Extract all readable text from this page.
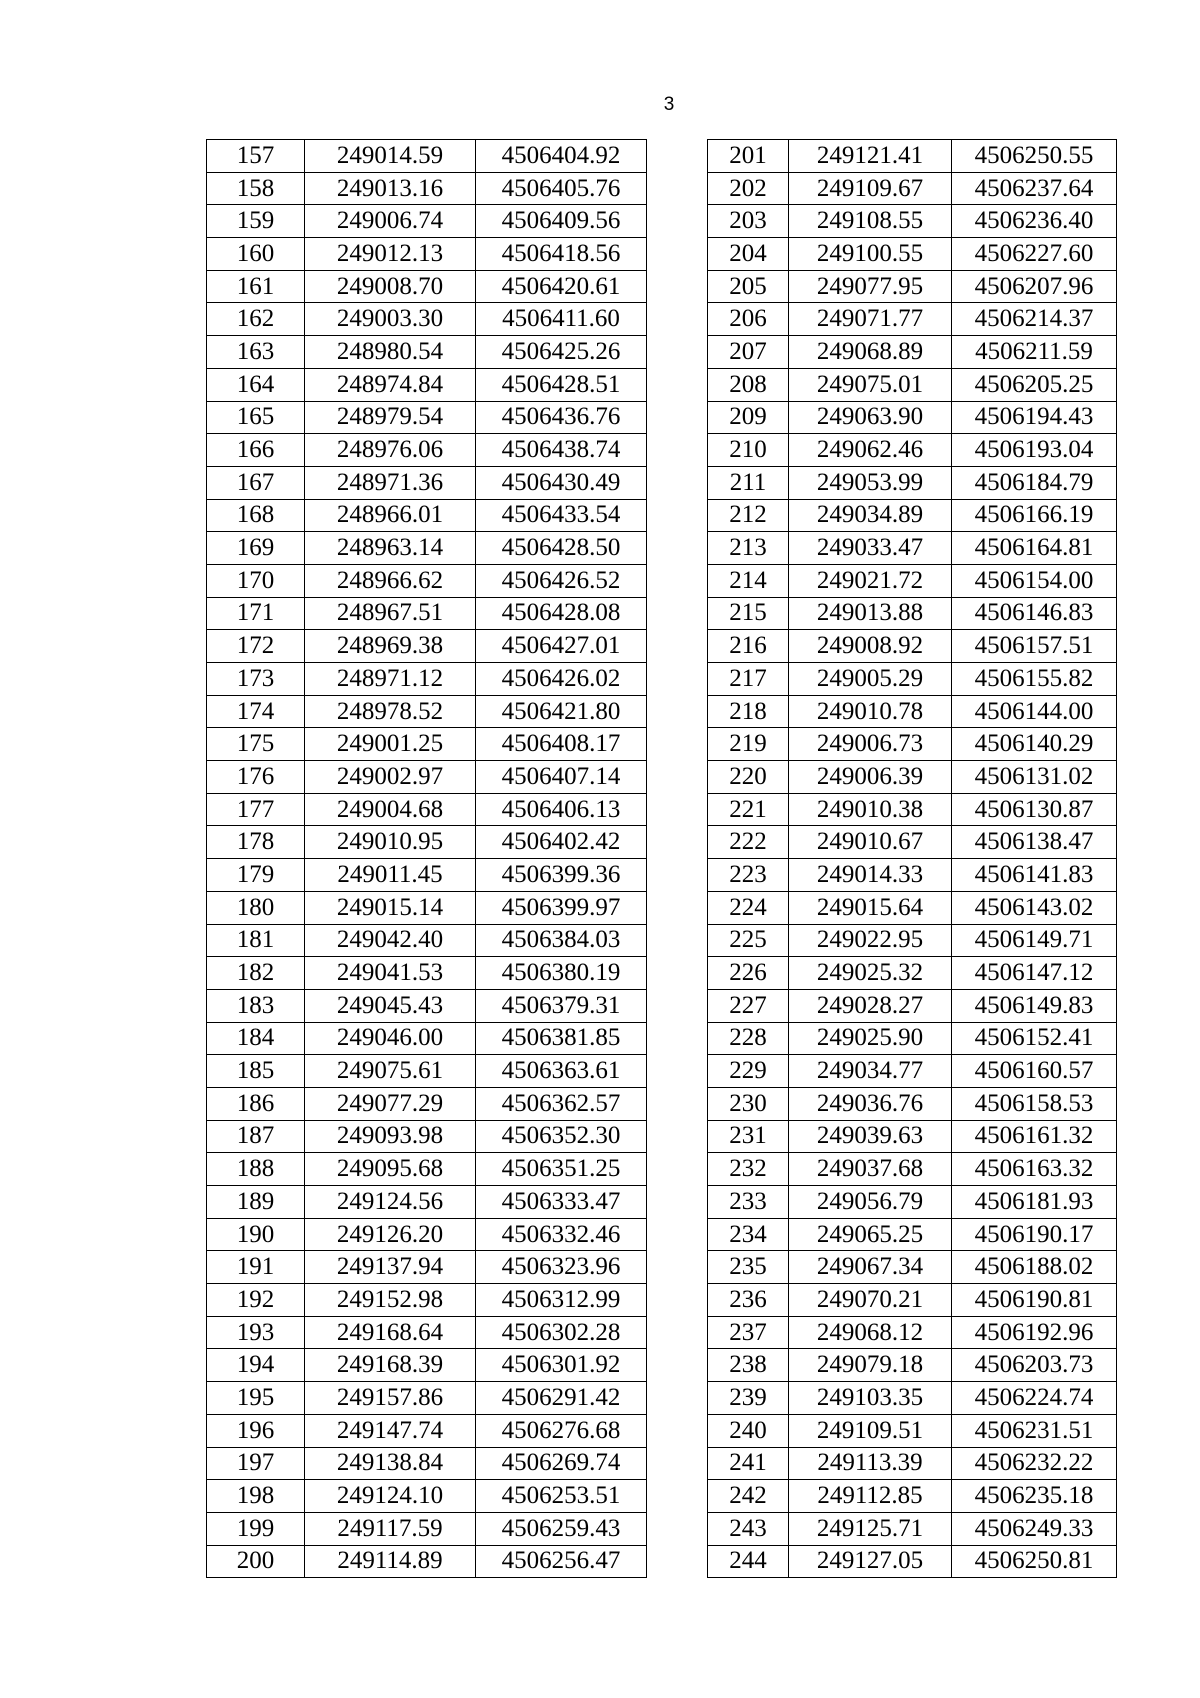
3
157	249014.59	4506404.92
158	249013.16	4506405.76
159	249006.74	4506409.56
160	249012.13	4506418.56
161	249008.70	4506420.61
162	249003.30	4506411.60
163	248980.54	4506425.26
164	248974.84	4506428.51
165	248979.54	4506436.76
166	248976.06	4506438.74
167	248971.36	4506430.49
168	248966.01	4506433.54
169	248963.14	4506428.50
170	248966.62	4506426.52
171	248967.51	4506428.08
172	248969.38	4506427.01
173	248971.12	4506426.02
174	248978.52	4506421.80
175	249001.25	4506408.17
176	249002.97	4506407.14
177	249004.68	4506406.13
178	249010.95	4506402.42
179	249011.45	4506399.36
180	249015.14	4506399.97
181	249042.40	4506384.03
182	249041.53	4506380.19
183	249045.43	4506379.31
184	249046.00	4506381.85
185	249075.61	4506363.61
186	249077.29	4506362.57
187	249093.98	4506352.30
188	249095.68	4506351.25
189	249124.56	4506333.47
190	249126.20	4506332.46
191	249137.94	4506323.96
192	249152.98	4506312.99
193	249168.64	4506302.28
194	249168.39	4506301.92
195	249157.86	4506291.42
196	249147.74	4506276.68
197	249138.84	4506269.74
198	249124.10	4506253.51
199	249117.59	4506259.43
200	249114.89	4506256.47
201	249121.41	4506250.55
202	249109.67	4506237.64
203	249108.55	4506236.40
204	249100.55	4506227.60
205	249077.95	4506207.96
206	249071.77	4506214.37
207	249068.89	4506211.59
208	249075.01	4506205.25
209	249063.90	4506194.43
210	249062.46	4506193.04
211	249053.99	4506184.79
212	249034.89	4506166.19
213	249033.47	4506164.81
214	249021.72	4506154.00
215	249013.88	4506146.83
216	249008.92	4506157.51
217	249005.29	4506155.82
218	249010.78	4506144.00
219	249006.73	4506140.29
220	249006.39	4506131.02
221	249010.38	4506130.87
222	249010.67	4506138.47
223	249014.33	4506141.83
224	249015.64	4506143.02
225	249022.95	4506149.71
226	249025.32	4506147.12
227	249028.27	4506149.83
228	249025.90	4506152.41
229	249034.77	4506160.57
230	249036.76	4506158.53
231	249039.63	4506161.32
232	249037.68	4506163.32
233	249056.79	4506181.93
234	249065.25	4506190.17
235	249067.34	4506188.02
236	249070.21	4506190.81
237	249068.12	4506192.96
238	249079.18	4506203.73
239	249103.35	4506224.74
240	249109.51	4506231.51
241	249113.39	4506232.22
242	249112.85	4506235.18
243	249125.71	4506249.33
244	249127.05	4506250.81
